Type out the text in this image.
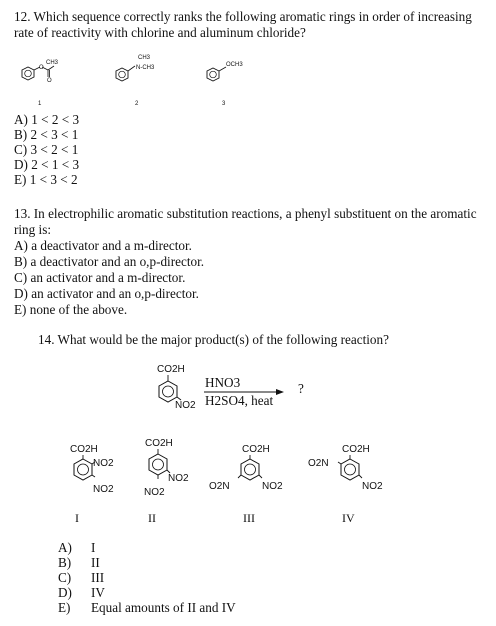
12. Which sequence correctly ranks the following aromatic rings in order of increasing
rate of reactivity with chlorine and aluminum chloride?
O
CH3
O
1
CH3
N-CH3
2
OCH3
3
A) 1 < 2 < 3
B) 2 < 3 < 1
C) 3 < 2 < 1
D) 2 < 1 < 3
E) 1 < 3 < 2
13. In electrophilic aromatic substitution reactions, a phenyl substituent on the aromatic
ring is:
A) a deactivator and a m-director.
B) a deactivator and an o,p-director.
C) an activator and a m-director.
D) an activator and an o,p-director.
E) none of the above.
14. What would be the major product(s) of the following reaction?
CO2H
NO2
HNO3
H2SO4, heat
?
CO2H
NO2
NO2
I
CO2H
NO2
NO2
II
CO2H
O2N	NO2
III
CO2H
O2N
NO2
IV
A) I
B) II
C) III
D) IV
E) Equal amounts of II and IV
